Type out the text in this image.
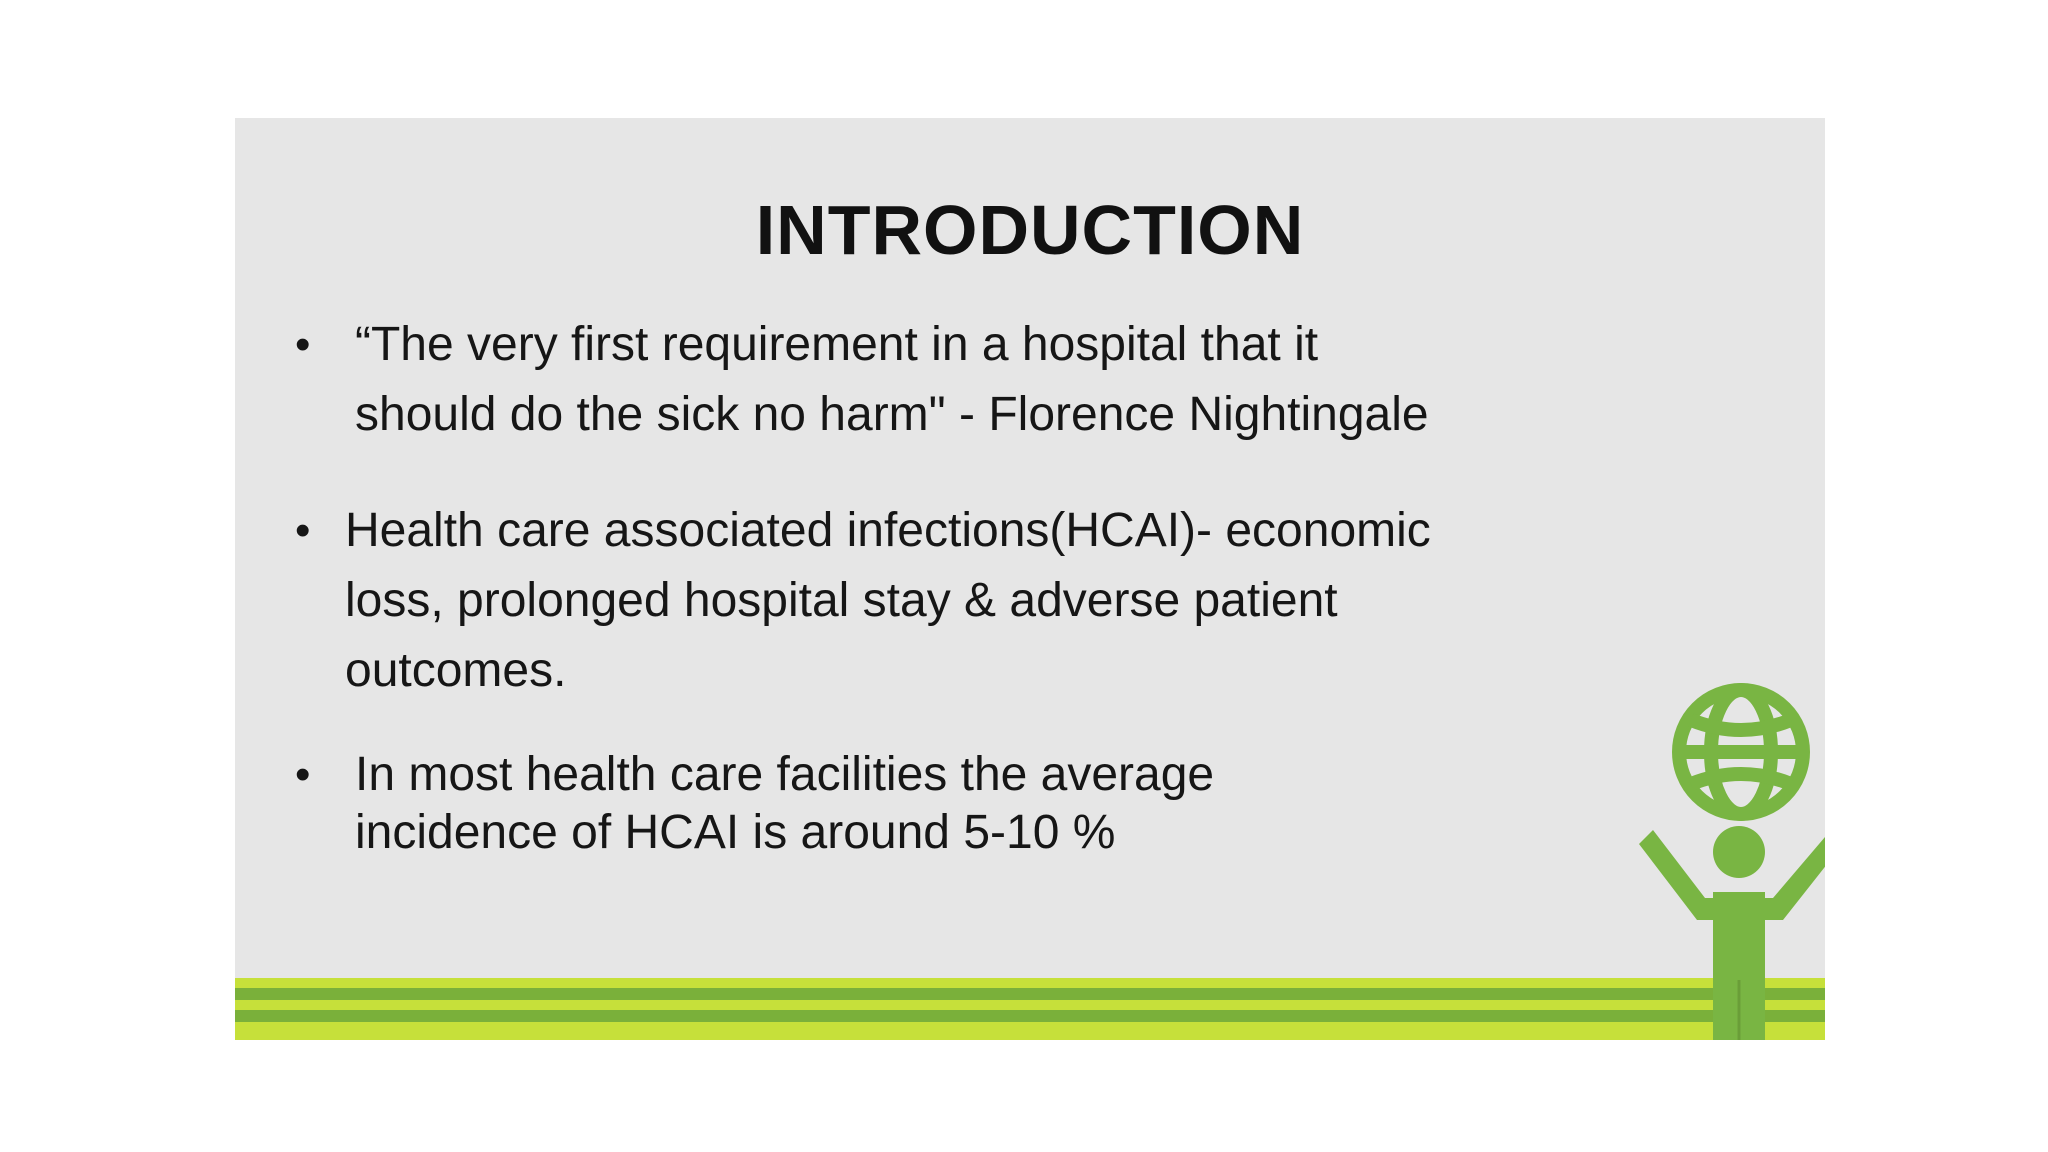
INTRODUCTION
• “The very first requirement in a hospital that it
should do the sick no harm" - Florence Nightingale
• Health care associated infections(HCAI)- economic
loss, prolonged hospital stay & adverse patient
outcomes.
• In most health care facilities the average
incidence of HCAI is around 5-10 %
